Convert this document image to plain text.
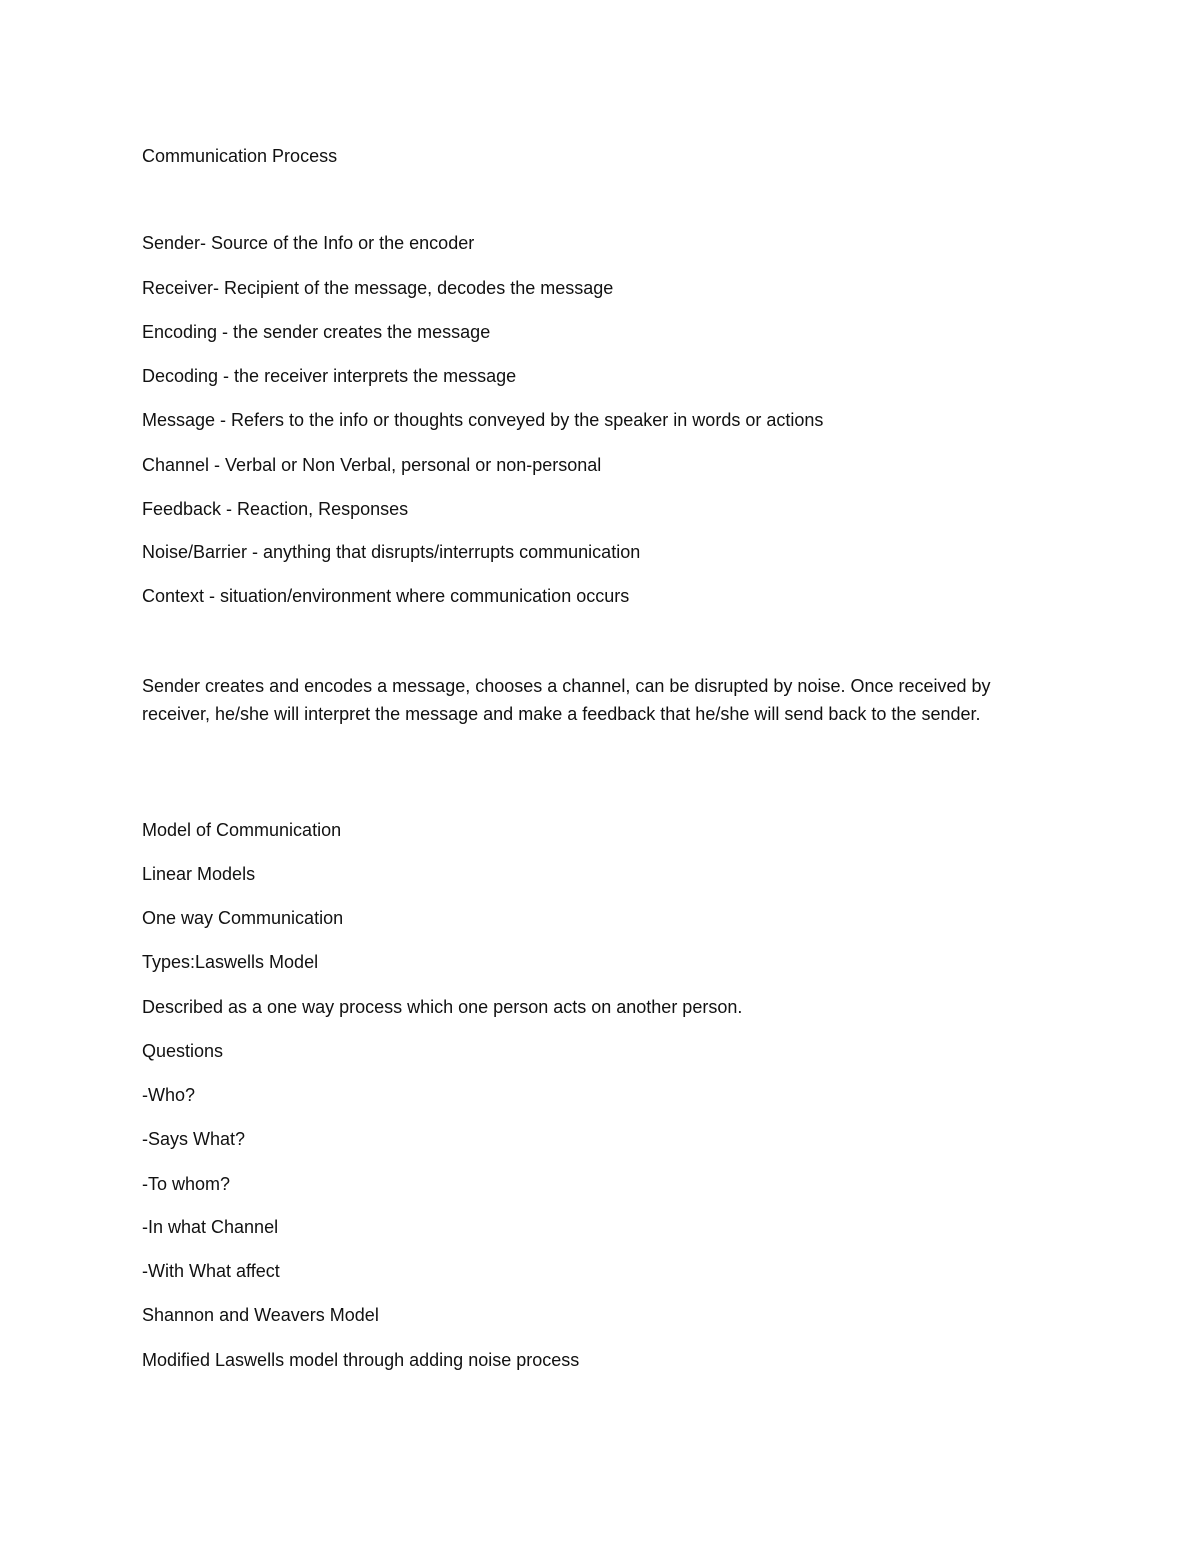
Communication Process
Sender- Source of the Info or the encoder
Receiver- Recipient of the message, decodes the message
Encoding - the sender creates the message
Decoding - the receiver interprets the message
Message - Refers to the info or thoughts conveyed by the speaker in words or actions
Channel - Verbal or Non Verbal, personal or non-personal
Feedback - Reaction, Responses
Noise/Barrier - anything that disrupts/interrupts communication
Context - situation/environment where communication occurs
Sender creates and encodes a message, chooses a channel, can be disrupted by noise. Once received by receiver, he/she will interpret the message and make a feedback that he/she will send back to the sender.
Model of Communication
Linear Models
One way Communication
Types:Laswells Model
Described as a one way process which one person acts on another person.
Questions
-Who?
-Says What?
-To whom?
-In what Channel
-With What affect
Shannon and Weavers Model
Modified Laswells model through adding noise process
